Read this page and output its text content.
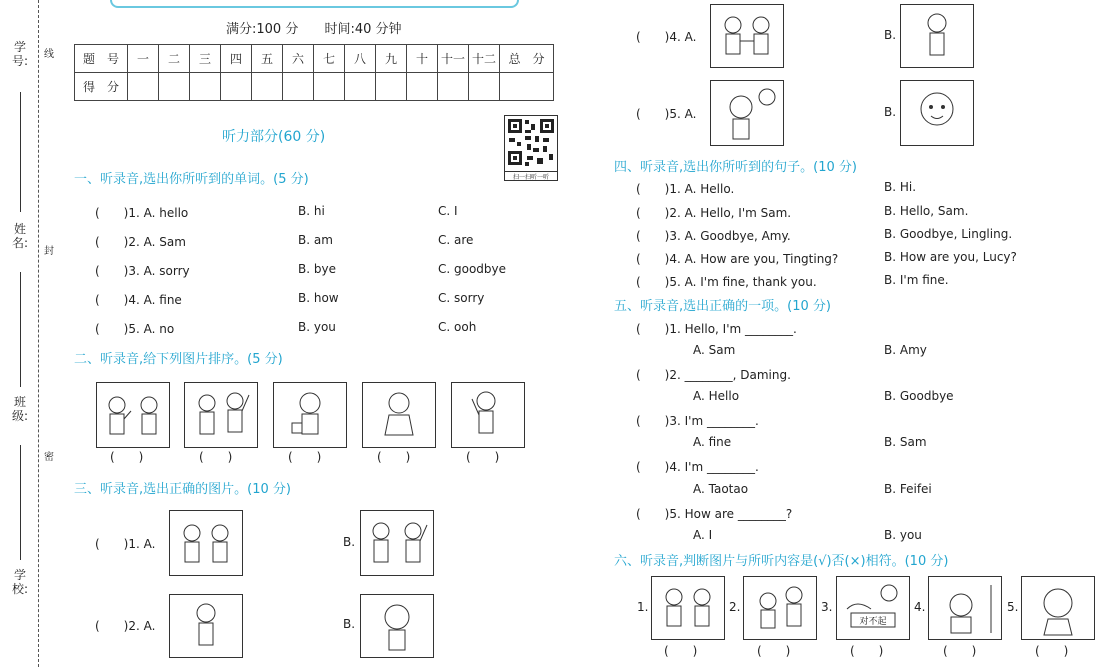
学 号:
姓 名:
班 级:
学 校:
线
封
密
满分:100 分 时间:40 分钟
题　号	一	二	三	四	五	六	七	八	九	十	十一	十二	总　分
得　分													
听力部分(60 分)
扫一扫听一听
一、听录音,选出你所听到的单词。(5 分)
(　　)1. A. hello	B. hi	C. I
(　　)2. A. Sam	B. am	C. are
(　　)3. A. sorry	B. bye	C. goodbye
(　　)4. A. fine	B. how	C. sorry
(　　)5. A. no	B. you	C. ooh
二、听录音,给下列图片排序。(5 分)
(　　)	(　　)	(　　)	(　　)	(　　)
三、听录音,选出正确的图片。(10 分)
(　　)1. A.	B.
(　　)2. A.	B.
(　　)4. A.	B.
(　　)5. A.	B.
四、听录音,选出你所听到的句子。(10 分)
(　　)1. A. Hello.	B. Hi.
(　　)2. A. Hello, I'm Sam.	B. Hello, Sam.
(　　)3. A. Goodbye, Amy.	B. Goodbye, Lingling.
(　　)4. A. How are you, Tingting?	B. How are you, Lucy?
(　　)5. A. I'm fine, thank you.	B. I'm fine.
五、听录音,选出正确的一项。(10 分)
(　　)1. Hello, I'm ________.
A. Sam	B. Amy
(　　)2. ________, Daming.
A. Hello	B. Goodbye
(　　)3. I'm ________.
A. fine	B. Sam
(　　)4. I'm ________.
A. Taotao	B. Feifei
(　　)5. How are ________?
A. I	B. you
六、听录音,判断图片与所听内容是(√)否(×)相符。(10 分)
1.	2.	3.
对不起
4.	5.
(　　)	(　　)	(　　)	(　　)	(　　)
